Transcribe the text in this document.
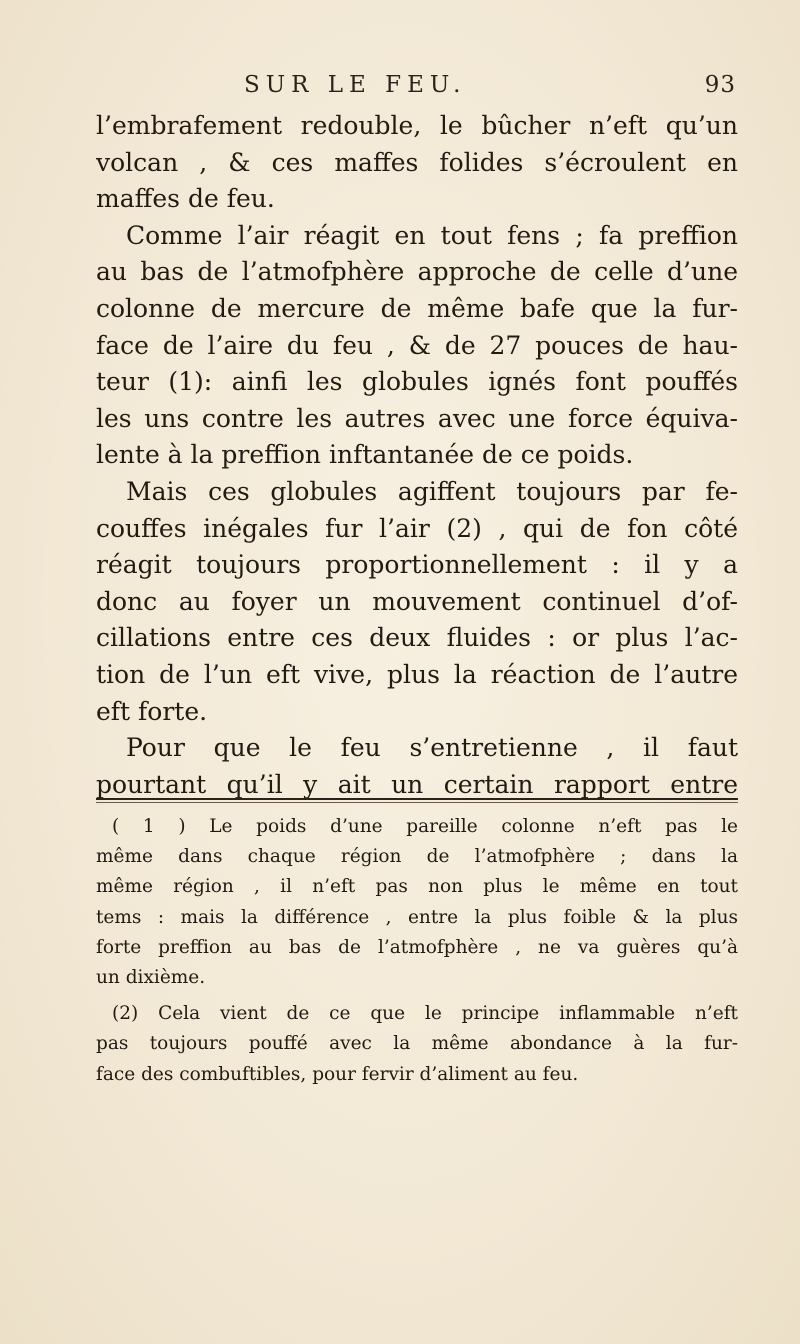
SUR LE FEU.	93
l’embrafement redouble, le bûcher n’eft qu’un
volcan , & ces maffes folides s’écroulent en
maffes de feu.
Comme l’air réagit en tout fens ; fa preffion
au bas de l’atmofphère approche de celle d’une
colonne de mercure de même bafe que la fur-
face de l’aire du feu , & de 27 pouces de hau-
teur (1): ainfi les globules ignés font pouffés
les uns contre les autres avec une force équiva-
lente à la preffion inftantanée de ce poids.
Mais ces globules agiffent toujours par fe-
couffes inégales fur l’air (2) , qui de fon côté
réagit toujours proportionnellement : il y a
donc au foyer un mouvement continuel d’of-
cillations entre ces deux fluides : or plus l’ac-
tion de l’un eft vive, plus la réaction de l’autre
eft forte.
Pour que le feu s’entretienne , il faut
pourtant qu’il y ait un certain rapport entre
( 1 ) Le poids d’une pareille colonne n’eft pas le
même dans chaque région de l’atmofphère ; dans la
même région , il n’eft pas non plus le même en tout
tems : mais la différence , entre la plus foible & la plus
forte preffion au bas de l’atmofphère , ne va guères qu’à
un dixième.
(2) Cela vient de ce que le principe inflammable n’eft
pas toujours pouffé avec la même abondance à la fur-
face des combuftibles, pour fervir d’aliment au feu.
